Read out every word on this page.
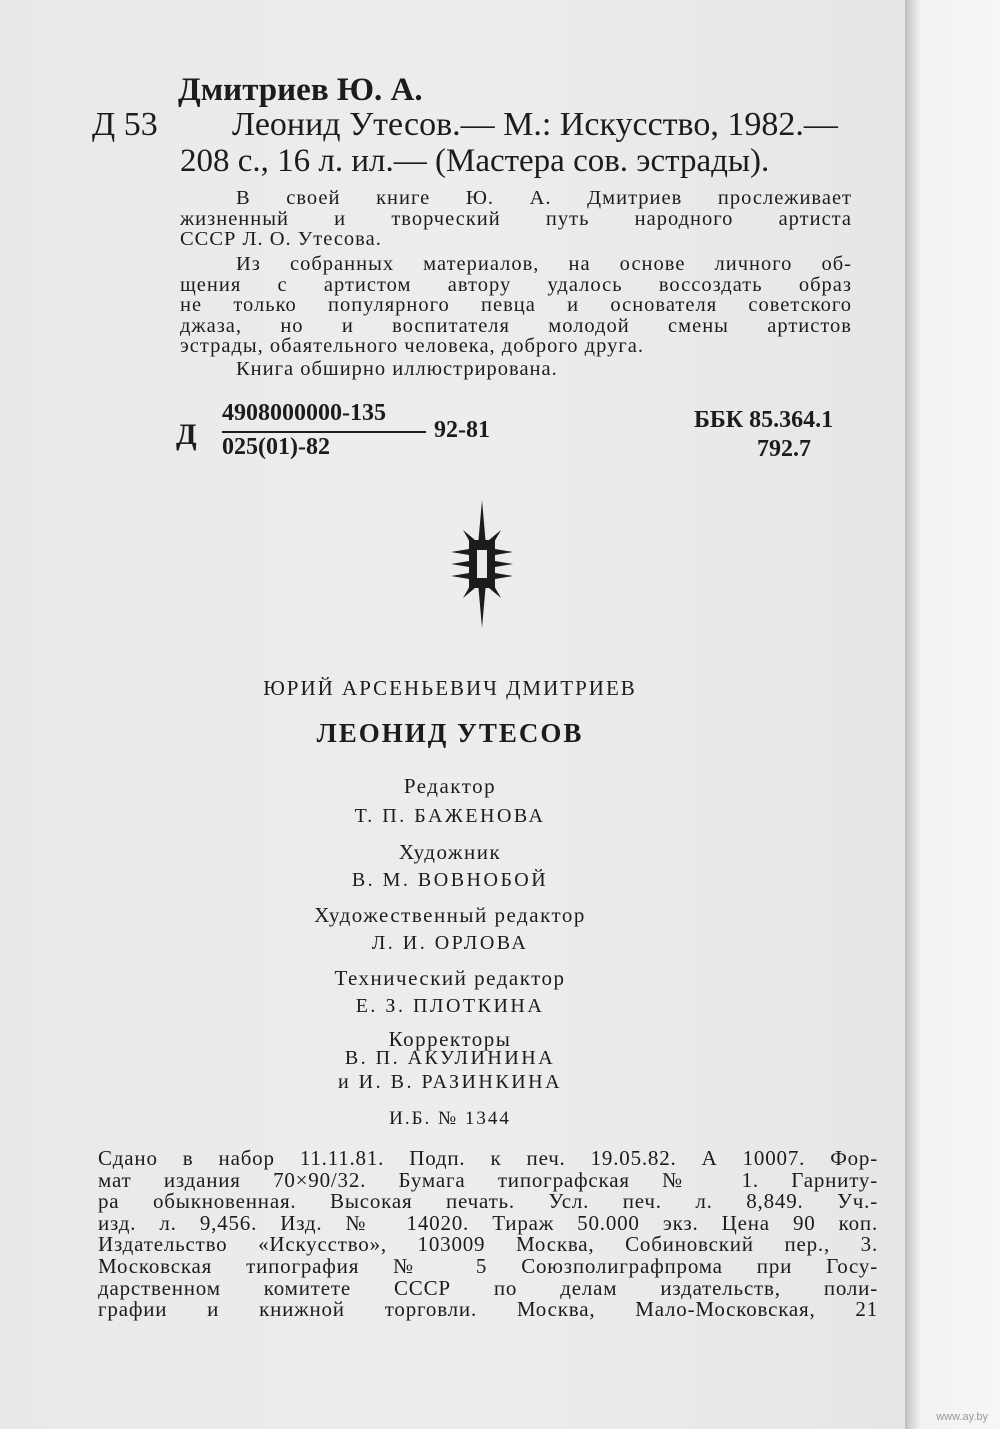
Дмитриев Ю. А.
Д 53 Леонид Утесов.— М.: Искусство, 1982.—
208 с., 16 л. ил.— (Мастера сов. эстрады).

В своей книге Ю. А. Дмитриев прослеживает

жизненный и творческий путь народного артиста

СССР Л. О. Утесова.

Из собранных материалов, на основе личного об-

щения с артистом автору удалось воссоздать образ

не только популярного певца и основателя советского

джаза, но и воспитателя молодой смены артистов

эстрады, обаятельного человека, доброго друга.

Книга обширно иллюстрирована.

Д
4908000000-135
025(01)-82
92-81	ББК 85.364.1
792.7
ЮРИЙ АРСЕНЬЕВИЧ ДМИТРИЕВ
ЛЕОНИД УТЕСОВ
Редактор
Т. П. БАЖЕНОВА
Художник
В. М. ВОВНОБОЙ
Художественный редактор
Л. И. ОРЛОВА
Технический редактор
Е. З. ПЛОТКИНА
Корректоры
В. П. АКУЛИНИНА
и И. В. РАЗИНКИНА
И.Б. № 1344

Сдано в набор 11.11.81. Подп. к печ. 19.05.82. А 10007. Фор-

мат издания 70×90/32. Бумага типографская № 1. Гарниту-

ра обыкновенная. Высокая печать. Усл. печ. л. 8,849. Уч.-

изд. л. 9,456. Изд. № 14020. Тираж 50.000 экз. Цена 90 коп.

Издательство «Искусство», 103009 Москва, Собиновский пер., 3.

Московская типография № 5 Союзполиграфпрома при Госу-

дарственном комитете СССР по делам издательств, поли-

графии и книжной торговли. Москва, Мало-Московская, 21

www.ay.by
